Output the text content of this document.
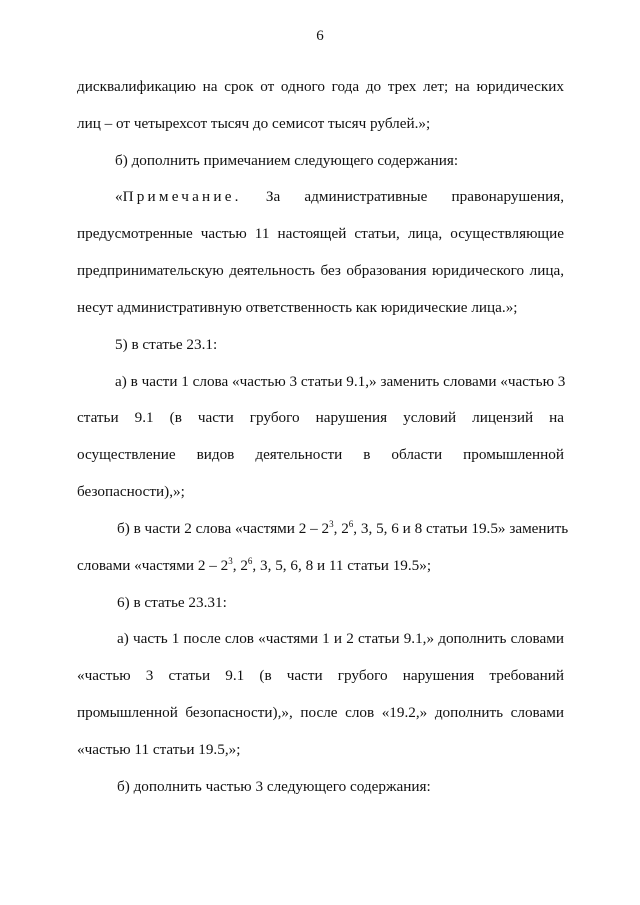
6
дисквалификацию на срок от одного года до трех лет; на юридических
лиц – от четырехсот тысяч до семисот тысяч рублей.»;
б) дополнить примечанием следующего содержания:
«Примечание. За административные правонарушения,
предусмотренные частью 11 настоящей статьи, лица, осуществляющие
предпринимательскую деятельность без образования юридического лица,
несут административную ответственность как юридические лица.»;
5) в статье 23.1:
а) в части 1 слова «частью 3 статьи 9.1,» заменить словами «частью 3
статьи 9.1 (в части грубого нарушения условий лицензий на
осуществление видов деятельности в области промышленной
безопасности),»;
б) в части 2 слова «частями $2 - 2^3$, $2^6$, 3, 5, 6 и 8 статьи 19.5» заменить
словами «частями $2 - 2^3$, $2^6$, 3, 5, 6, 8 и 11 статьи 19.5»;
6) в статье 23.31:
а) часть 1 после слов «частями 1 и 2 статьи 9.1,» дополнить словами
«частью 3 статьи 9.1 (в части грубого нарушения требований
промышленной безопасности),», после слов «19.2,» дополнить словами
«частью 11 статьи 19.5,»;
б) дополнить частью 3 следующего содержания:
